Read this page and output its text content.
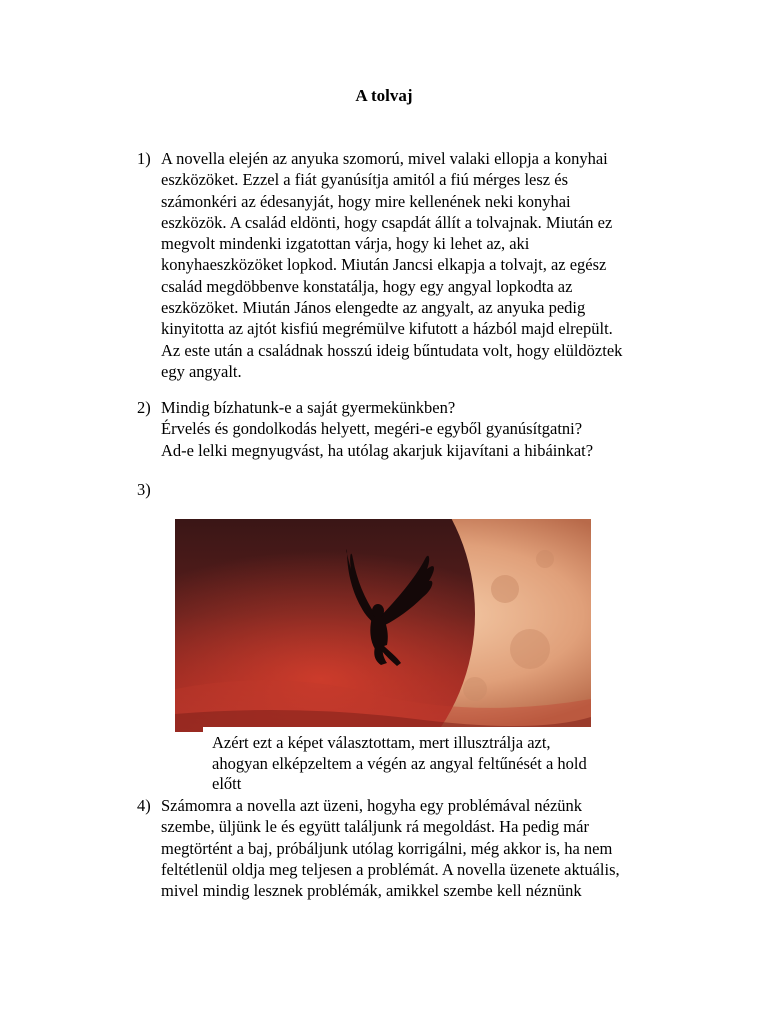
A tolvaj
1) A novella elején az anyuka szomorú, mivel valaki ellopja a konyhai
eszközöket. Ezzel a fiát gyanúsítja amitól a fiú mérges lesz és
számonkéri az édesanyját, hogy mire kellenének neki konyhai
eszközök. A család eldönti, hogy csapdát állít a tolvajnak. Miután ez
megvolt mindenki izgatottan várja, hogy ki lehet az, aki
konyhaeszközöket lopkod. Miután Jancsi elkapja a tolvajt, az egész
család megdöbbenve konstatálja, hogy egy angyal lopkodta az
eszközöket. Miután János elengedte az angyalt, az anyuka pedig
kinyitotta az ajtót kisfiú megrémülve kifutott a házból majd elrepült.
Az este után a családnak hosszú ideig bűntudata volt, hogy elüldöztek
egy angyalt.
2) Mindig bízhatunk-e a saját gyermekünkben?
Érvelés és gondolkodás helyett, megéri-e egyből gyanúsítgatni?
Ad-e lelki megnyugvást, ha utólag akarjuk kijavítani a hibáinkat?
3)
Azért ezt a képet választottam, mert illusztrálja azt,
ahogyan elképzeltem a végén az angyal feltűnését a hold
előtt
4) Számomra a novella azt üzeni, hogyha egy problémával nézünk
szembe, üljünk le és együtt találjunk rá megoldást. Ha pedig már
megtörtént a baj, próbáljunk utólag korrigálni, még akkor is, ha nem
feltétlenül oldja meg teljesen a problémát. A novella üzenete aktuális,
mivel mindig lesznek problémák, amikkel szembe kell néznünk
